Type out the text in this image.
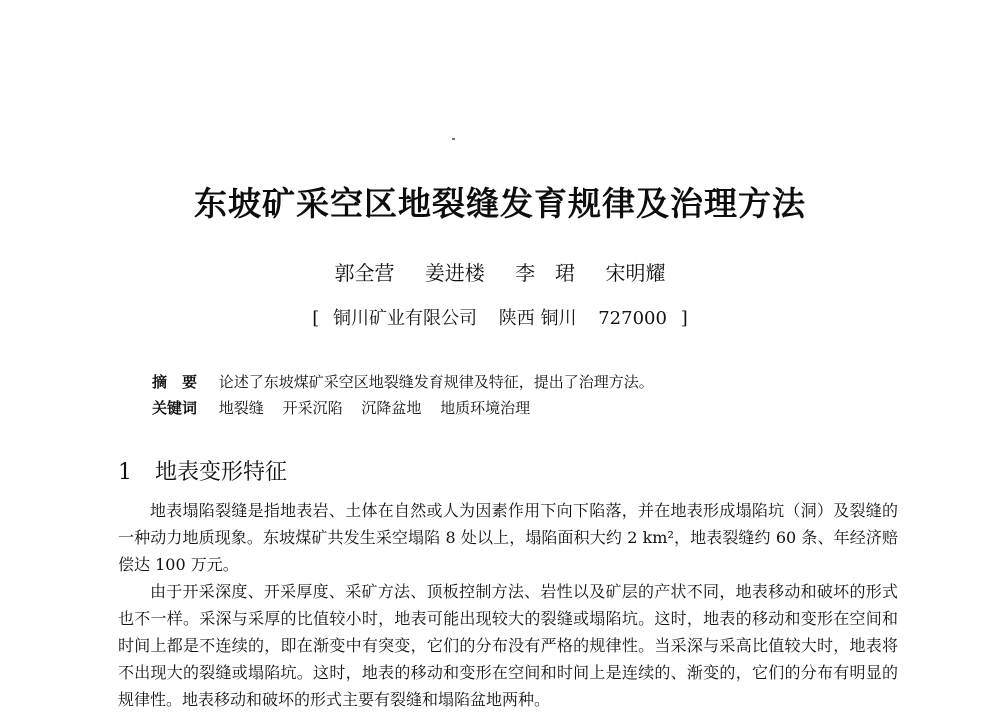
东坡矿采空区地裂缝发育规律及治理方法
郭全营 姜进楼 李　珺 宋明耀
[ 铜川矿业有限公司 陕西 铜川 727000 ]
摘　要 论述了东坡煤矿采空区地裂缝发育规律及特征，提出了治理方法。
关键词 地裂缝 开采沉陷 沉降盆地 地质环境治理
1 地表变形特征

地表塌陷裂缝是指地表岩、土体在自然或人为因素作用下向下陷落，并在地表形成塌陷坑（洞）及裂缝的一种动力地质现象。东坡煤矿共发生采空塌陷 8 处以上，塌陷面积大约 2 km²，地表裂缝约 60 条、年经济赔偿达 100 万元。

由于开采深度、开采厚度、采矿方法、顶板控制方法、岩性以及矿层的产状不同，地表移动和破坏的形式也不一样。采深与采厚的比值较小时，地表可能出现较大的裂缝或塌陷坑。这时，地表的移动和变形在空间和时间上都是不连续的，即在渐变中有突变，它们的分布没有严格的规律性。当采深与采高比值较大时，地表将不出现大的裂缝或塌陷坑。这时，地表的移动和变形在空间和时间上是连续的、渐变的，它们的分布有明显的规律性。地表移动和破坏的形式主要有裂缝和塌陷盆地两种。
